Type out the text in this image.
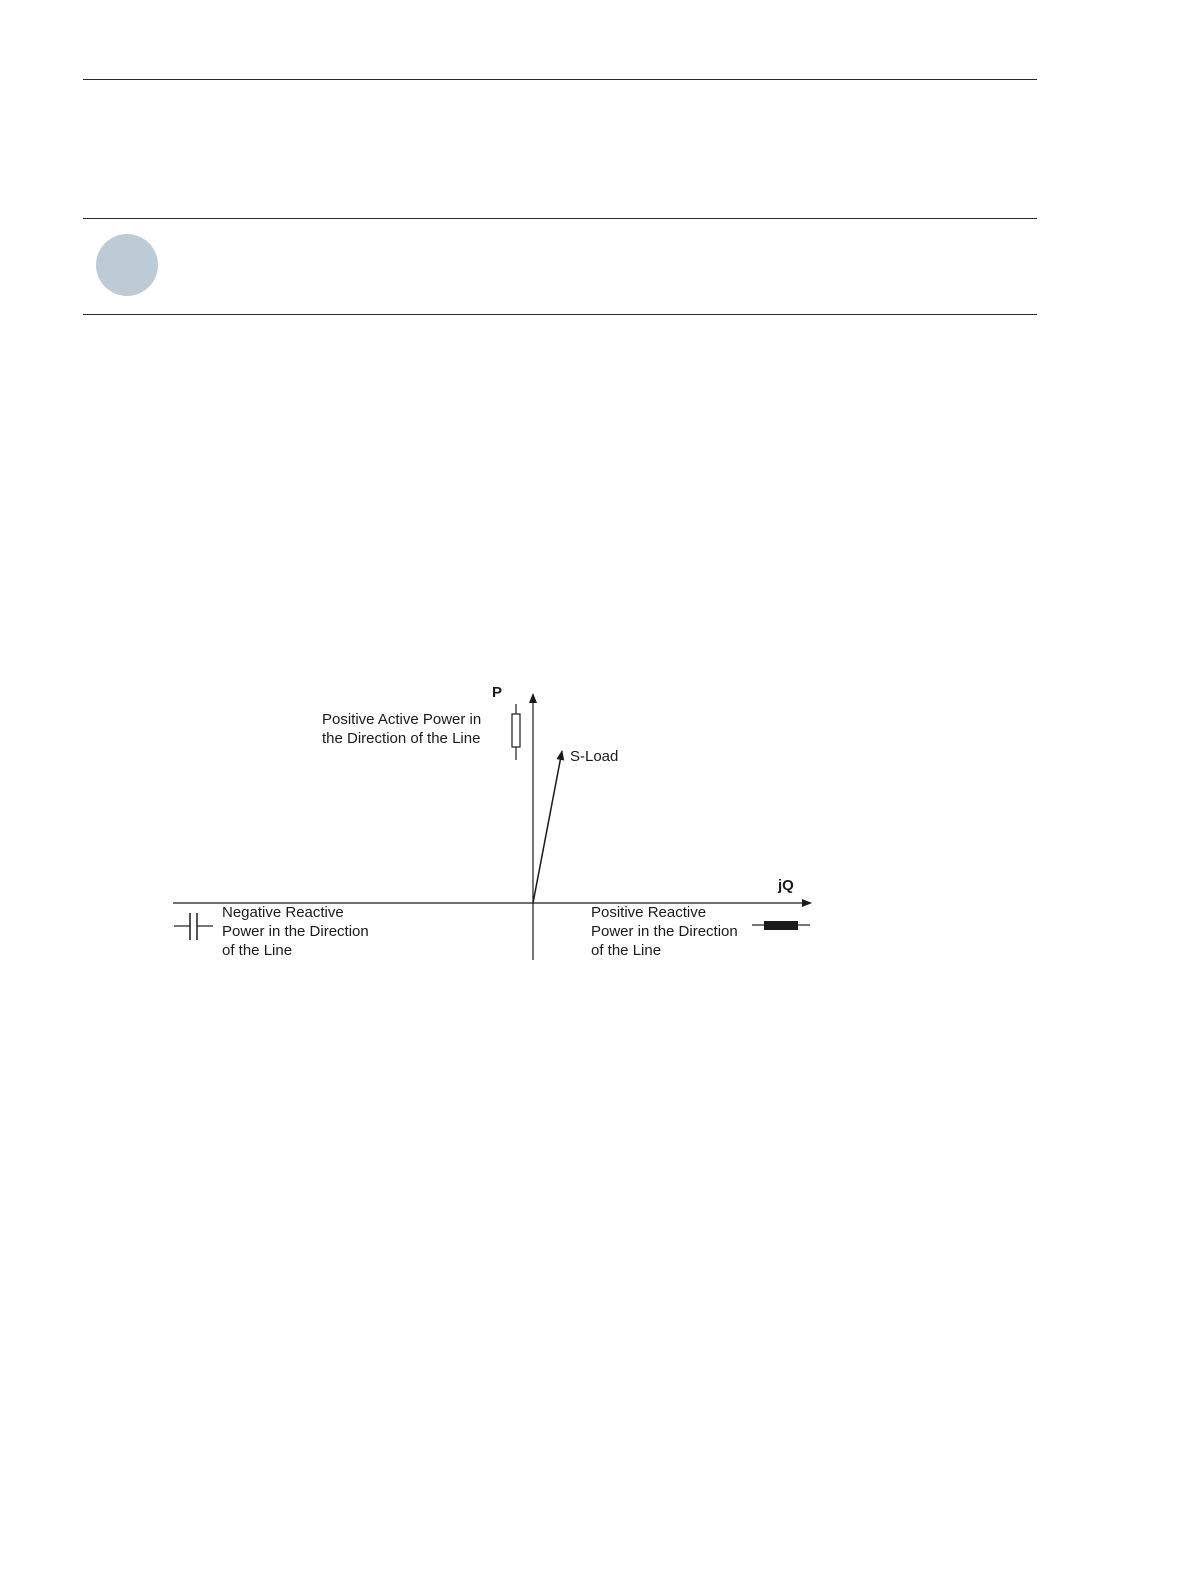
P
jQ
S-Load
Positive Active Power in
the Direction of the Line
Negative Reactive
Power in the Direction
of the Line
Positive Reactive
Power in the Direction
of the Line
